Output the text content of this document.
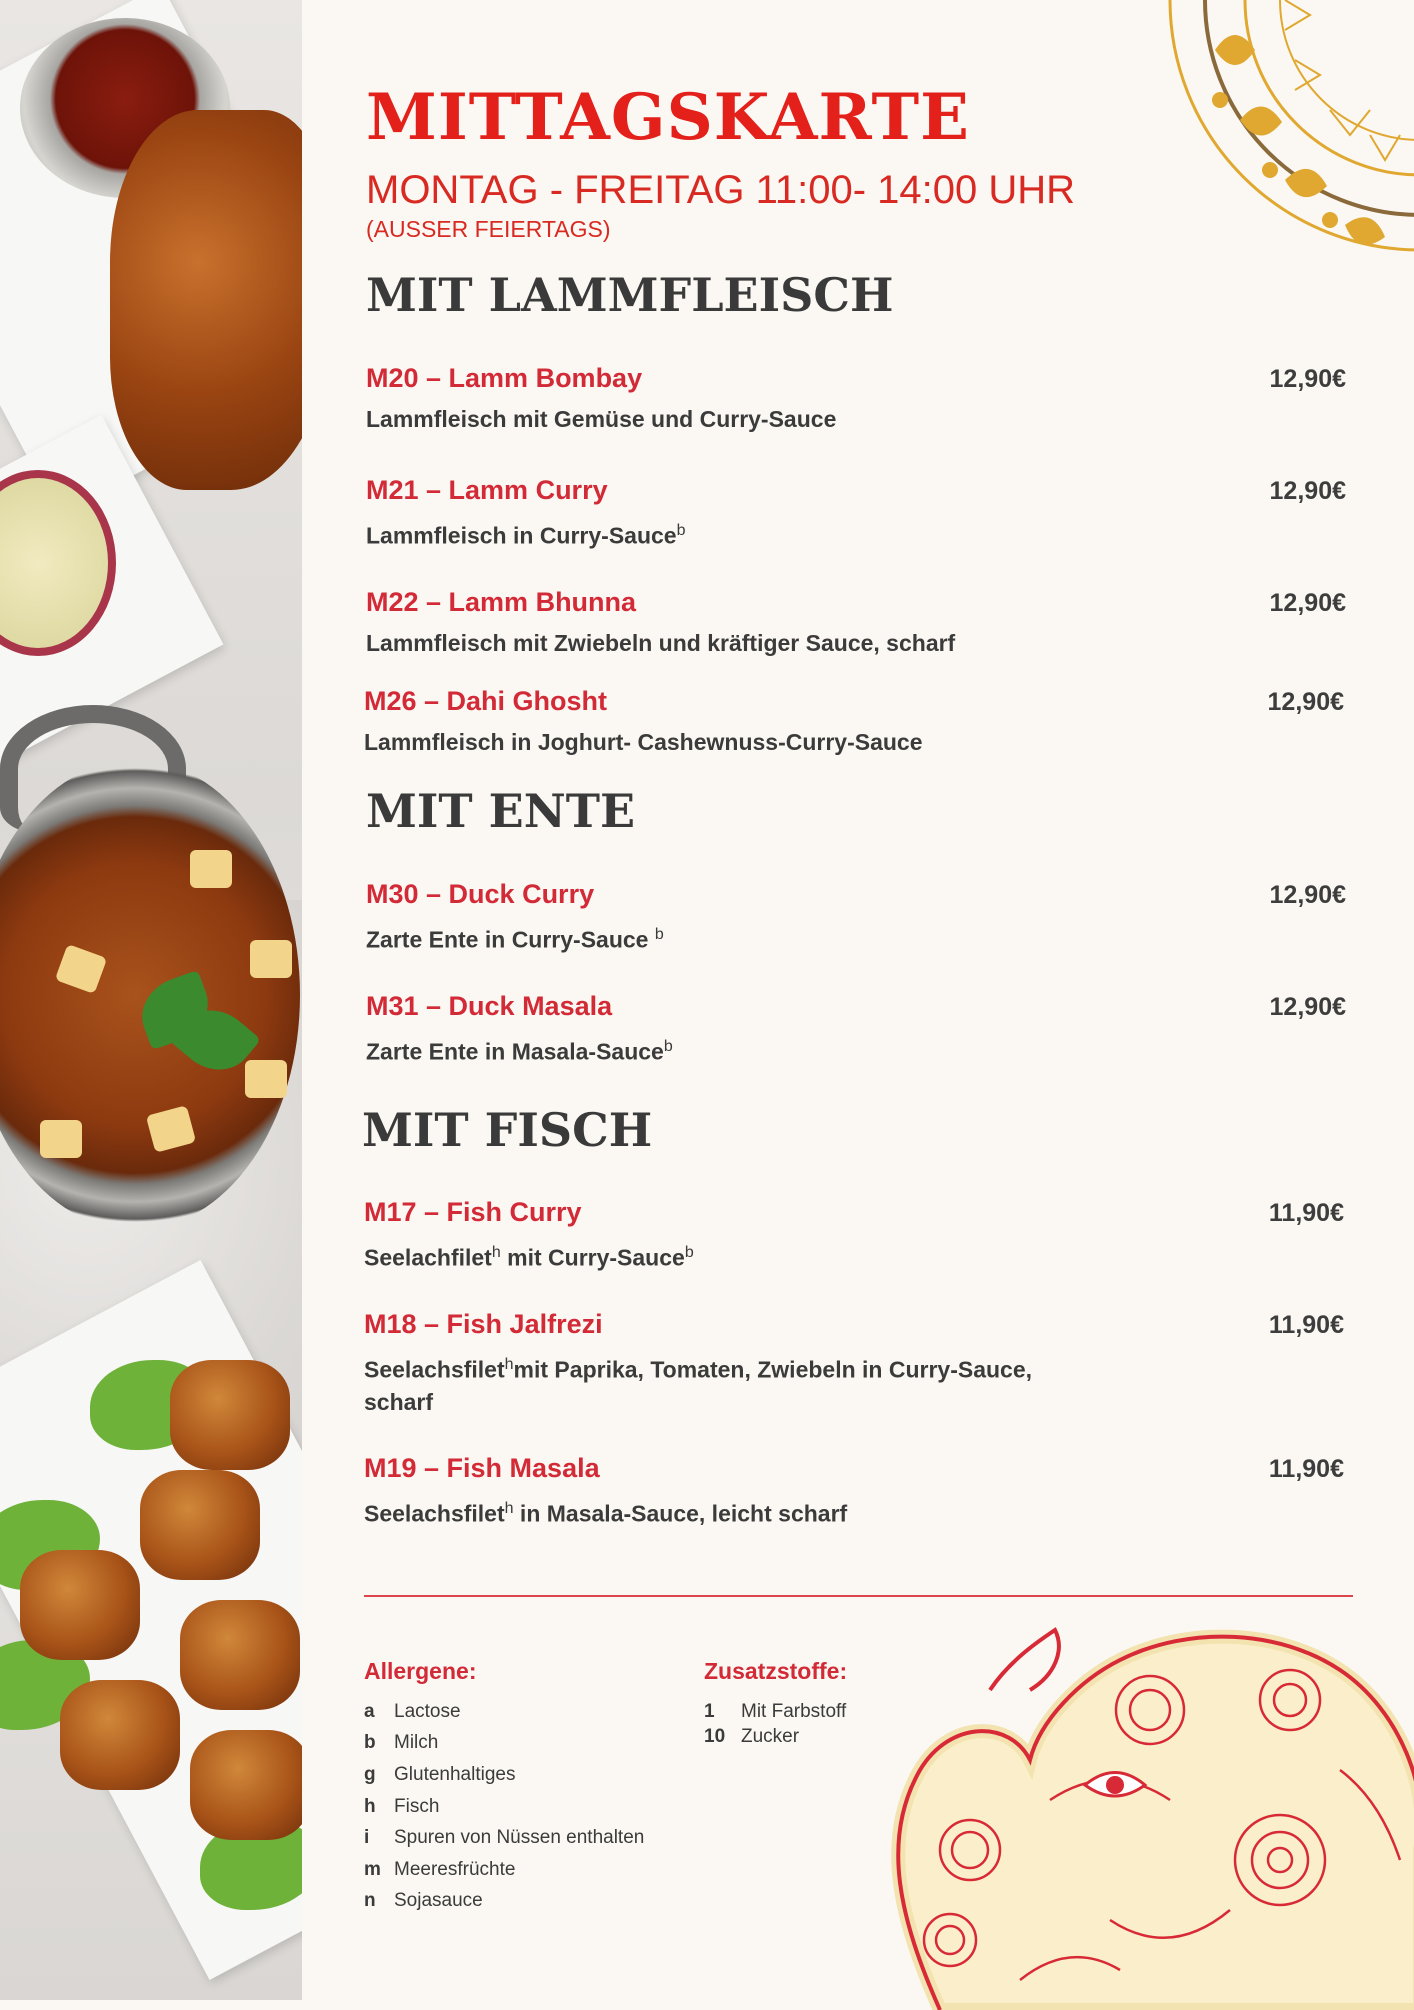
MITTAGSKARTE
MONTAG - FREITAG 11:00- 14:00 UHR
(AUSSER FEIERTAGS)
MIT LAMMFLEISCH
M20 – Lamm Bombay	12,90€
Lammfleisch mit Gemüse und Curry-Sauce
M21 – Lamm Curry	12,90€
Lammfleisch in Curry-Sauce$^b$
M22 – Lamm Bhunna	12,90€
Lammfleisch mit Zwiebeln und kräftiger Sauce, scharf
M26 – Dahi Ghosht	12,90€
Lammfleisch in Joghurt- Cashewnuss-Curry-Sauce
MIT ENTE
M30 – Duck Curry	12,90€
Zarte Ente in Curry-Sauce $^b$
M31 – Duck Masala	12,90€
Zarte Ente in Masala-Sauce$^b$
MIT FISCH
M17 – Fish Curry	11,90€
Seelachfilet$^h$ mit Curry-Sauce$^b$
M18 – Fish Jalfrezi	11,90€
Seelachsfilet$^h$mit Paprika, Tomaten, Zwiebeln in Curry-Sauce, scharf
M19 – Fish Masala	11,90€
Seelachsfilet$^h$ in Masala-Sauce, leicht scharf
Allergene:
a Lactose
b Milch
g Glutenhaltiges
h Fisch
i Spuren von Nüssen enthalten
m Meeresfrüchte
n Sojasauce
Zusatzstoffe:
1 Mit Farbstoff
10 Zucker
